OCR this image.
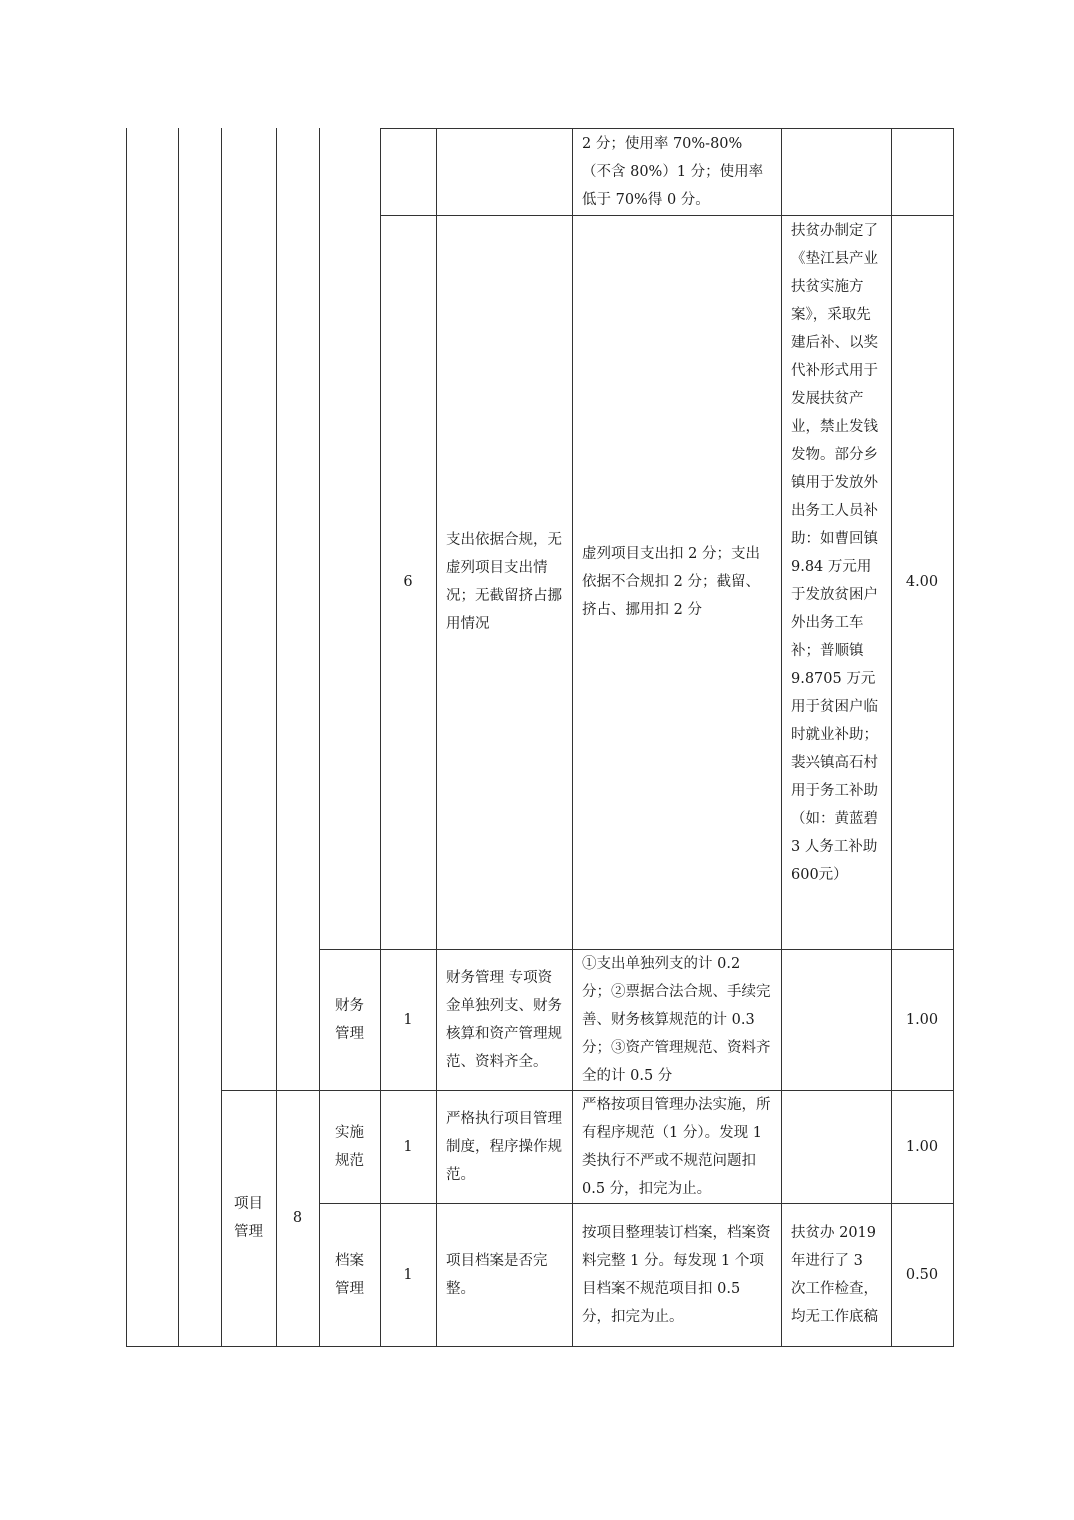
2 分；使用率 70%-80%（不含 80%）1 分；使用率低于 70%得 0 分。
6
支出依据合规，无虚列项目支出情况；无截留挤占挪用情况
虚列项目支出扣 2 分；支出依据不合规扣 2 分；截留、挤占、挪用扣 2 分
扶贫办制定了《垫江县产业扶贫实施方案》，采取先建后补、以奖代补形式用于发展扶贫产业，禁止发钱发物。部分乡镇用于发放外出务工人员补助：如曹回镇 9.84 万元用于发放贫困户外出务工车补；普顺镇 9.8705 万元用于贫困户临时就业补助；裴兴镇高石村用于务工补助（如：黄蓝碧 3 人务工补助600元）
4.00
财务管理
1
财务管理 专项资金单独列支、财务核算和资产管理规范、资料齐全。
①支出单独列支的计 0.2 分；②票据合法合规、手续完善、财务核算规范的计 0.3 分；③资产管理规范、资料齐全的计 0.5 分
1.00
项目管理
8
实施规范
1
严格执行项目管理制度，程序操作规范。
严格按项目管理办法实施，所有程序规范（1 分）。发现 1 类执行不严或不规范问题扣 0.5 分，扣完为止。
1.00
档案管理
1
项目档案是否完整。
按项目整理装订档案，档案资料完整 1 分。每发现 1 个项目档案不规范项目扣 0.5 分，扣完为止。
扶贫办 2019 年进行了 3 次工作检查，均无工作底稿
0.50
